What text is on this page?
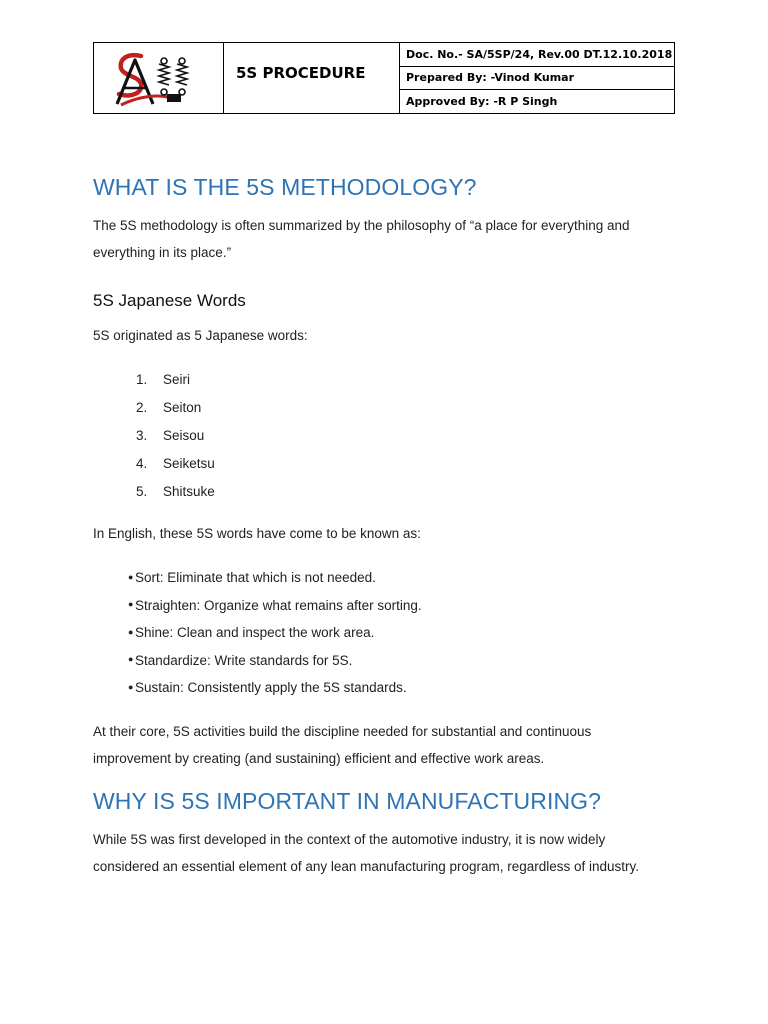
	5S PROCEDURE	Doc. No.- SA/5SP/24, Rev.00 DT.12.10.2018
Prepared By: -Vinod Kumar
Approved By: -R P Singh
WHAT IS THE 5S METHODOLOGY?
The 5S methodology is often summarized by the philosophy of “a place for everything and everything in its place.”
5S Japanese Words
5S originated as 5 Japanese words:
1.	Seiri
2.	Seiton
3.	Seisou
4.	Seiketsu
5.	Shitsuke
In English, these 5S words have come to be known as:
● Sort: Eliminate that which is not needed.
● Straighten: Organize what remains after sorting.
● Shine: Clean and inspect the work area.
● Standardize: Write standards for 5S.
● Sustain: Consistently apply the 5S standards.
At their core, 5S activities build the discipline needed for substantial and continuous improvement by creating (and sustaining) efficient and effective work areas.
WHY IS 5S IMPORTANT IN MANUFACTURING?
While 5S was first developed in the context of the automotive industry, it is now widely considered an essential element of any lean manufacturing program, regardless of industry.
